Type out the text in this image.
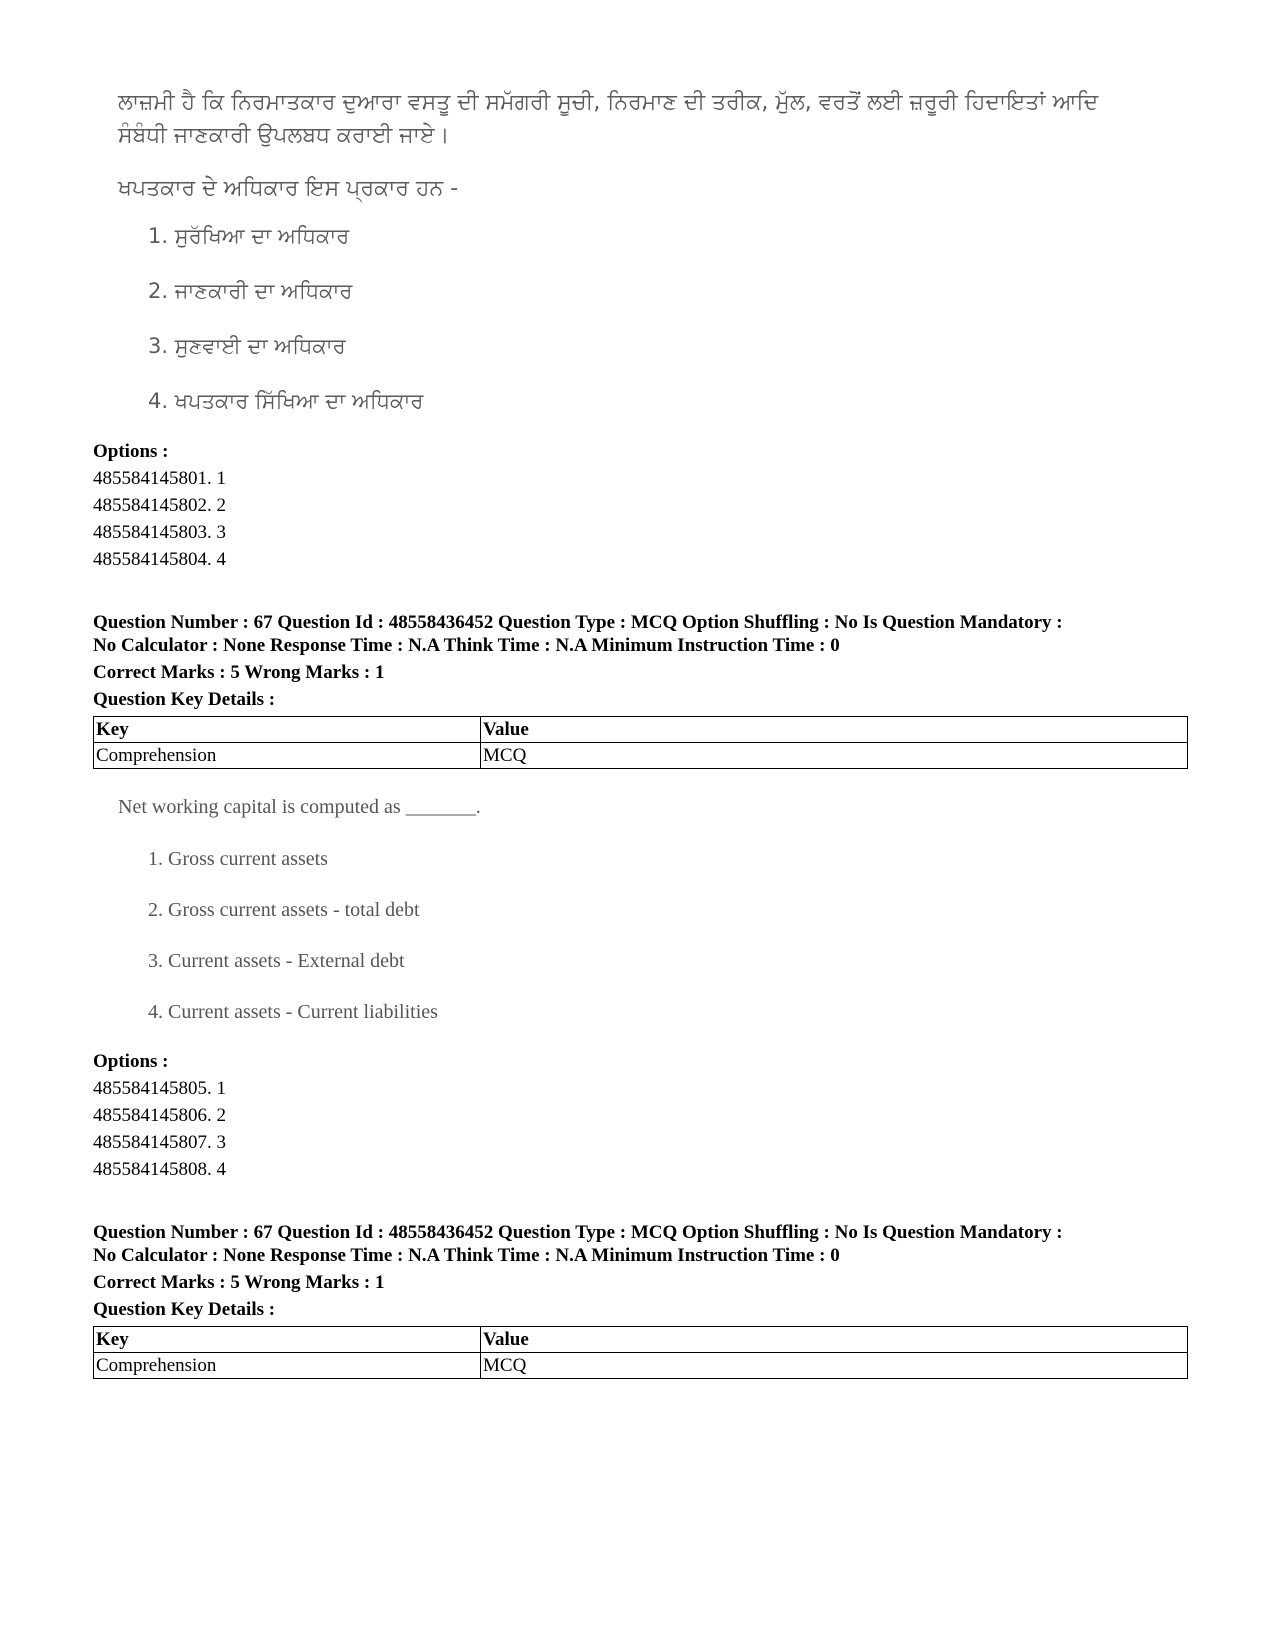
ਲਾਜ਼ਮੀ ਹੈ ਕਿ ਨਿਰਮਾਤਕਾਰ ਦੁਆਰਾ ਵਸਤੂ ਦੀ ਸਮੱਗਰੀ ਸੂਚੀ, ਨਿਰਮਾਣ ਦੀ ਤਰੀਕ, ਮੁੱਲ, ਵਰਤੋਂ ਲਈ ਜ਼ਰੂਰੀ ਹਿਦਾਇਤਾਂ ਆਦਿ ਸੰਬੰਧੀ ਜਾਣਕਾਰੀ ਉਪਲਬਧ ਕਰਾਈ ਜਾਏ।

ਖਪਤਕਾਰ ਦੇ ਅਧਿਕਾਰ ਇਸ ਪ੍ਰਕਾਰ ਹਨ -
1. ਸੁਰੱਖਿਆ ਦਾ ਅਧਿਕਾਰ
2. ਜਾਣਕਾਰੀ ਦਾ ਅਧਿਕਾਰ
3. ਸੁਣਵਾਈ ਦਾ ਅਧਿਕਾਰ
4. ਖਪਤਕਾਰ ਸਿੱਖਿਆ ਦਾ ਅਧਿਕਾਰ
Options :
485584145801. 1
485584145802. 2
485584145803. 3
485584145804. 4
Question Number : 67 Question Id : 48558436452 Question Type : MCQ Option Shuffling : No Is Question Mandatory :
No Calculator : None Response Time : N.A Think Time : N.A Minimum Instruction Time : 0
Correct Marks : 5 Wrong Marks : 1
Question Key Details :
Key	Value
Comprehension	MCQ
Net working capital is computed as _______.
1. Gross current assets
2. Gross current assets - total debt
3. Current assets - External debt
4. Current assets - Current liabilities
Options :
485584145805. 1
485584145806. 2
485584145807. 3
485584145808. 4
Question Number : 67 Question Id : 48558436452 Question Type : MCQ Option Shuffling : No Is Question Mandatory :
No Calculator : None Response Time : N.A Think Time : N.A Minimum Instruction Time : 0
Correct Marks : 5 Wrong Marks : 1
Question Key Details :
Key	Value
Comprehension	MCQ
